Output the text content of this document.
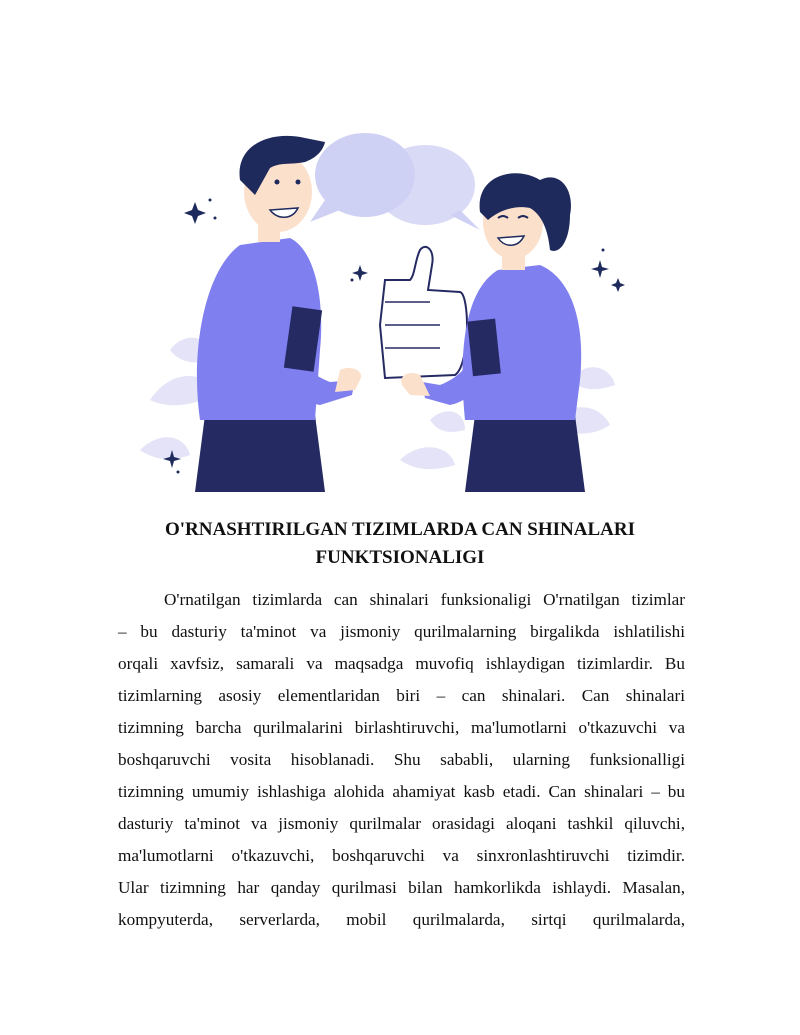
O'RNASHTIRILGAN TIZIMLARDA CAN SHINALARI
FUNKTSIONALIGI
O'rnatilgan tizimlarda can shinalari funksionaligi O'rnatilgan tizimlar
– bu dasturiy ta'minot va jismoniy qurilmalarning birgalikda ishlatilishi
orqali xavfsiz, samarali va maqsadga muvofiq ishlaydigan tizimlardir. Bu
tizimlarning asosiy elementlaridan biri – can shinalari. Can shinalari
tizimning barcha qurilmalarini birlashtiruvchi, ma'lumotlarni o'tkazuvchi va
boshqaruvchi vosita hisoblanadi. Shu sababli, ularning funksionalligi
tizimning umumiy ishlashiga alohida ahamiyat kasb etadi. Can shinalari – bu
dasturiy ta'minot va jismoniy qurilmalar orasidagi aloqani tashkil qiluvchi,
ma'lumotlarni o'tkazuvchi, boshqaruvchi va sinxronlashtiruvchi tizimdir.
Ular tizimning har qanday qurilmasi bilan hamkorlikda ishlaydi. Masalan,
kompyuterda, serverlarda, mobil qurilmalarda, sirtqi qurilmalarda,
